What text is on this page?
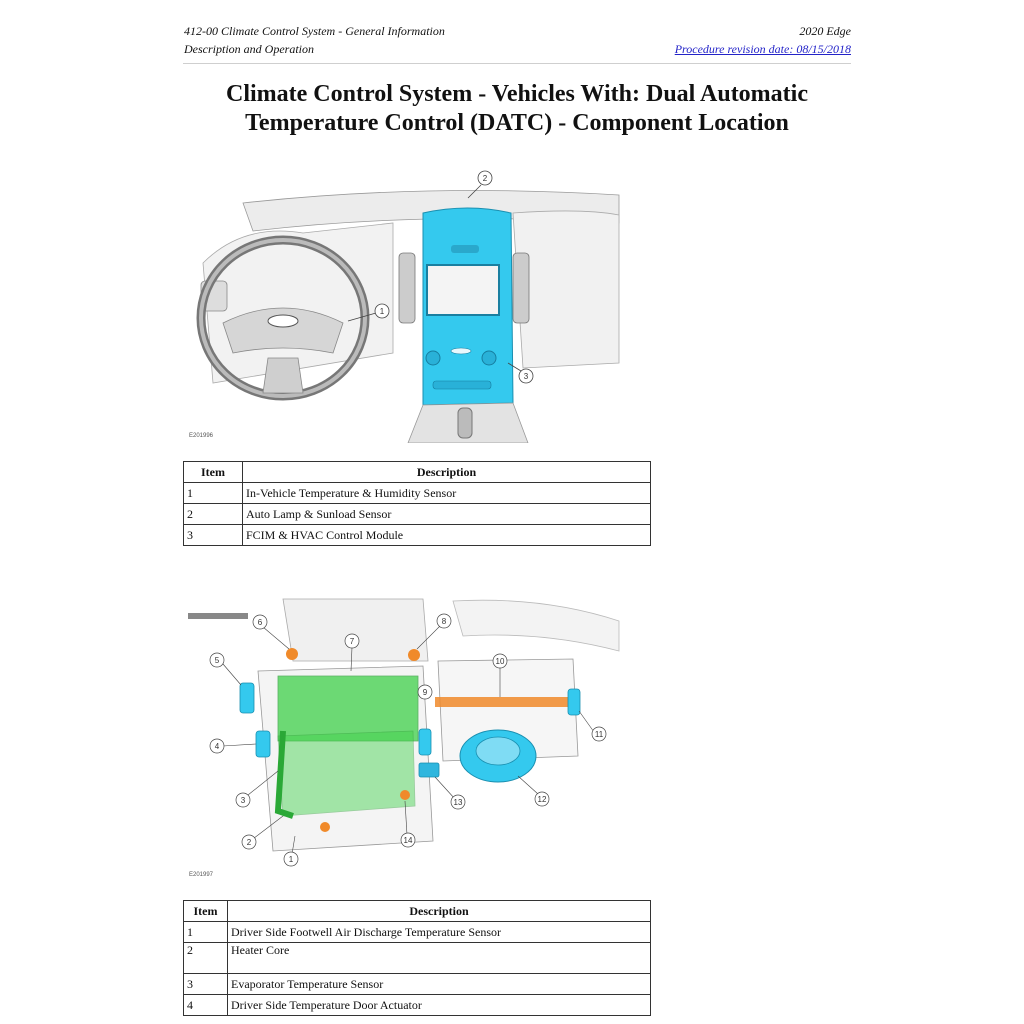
412-00 Climate Control System - General Information
Description and Operation
2020 Edge
Procedure revision date: 08/15/2018
Climate Control System - Vehicles With: Dual Automatic
Temperature Control (DATC) - Component Location
1
2
3
E201996
Item	Description
1	In-Vehicle Temperature & Humidity Sensor
2	Auto Lamp & Sunload Sensor
3	FCIM & HVAC Control Module
1
2
3
4
5
6
7
8
9
10
11
12
13
14
E201997
Item	Description
1	Driver Side Footwell Air Discharge Temperature Sensor
2	Heater Core
3	Evaporator Temperature Sensor
4	Driver Side Temperature Door Actuator
